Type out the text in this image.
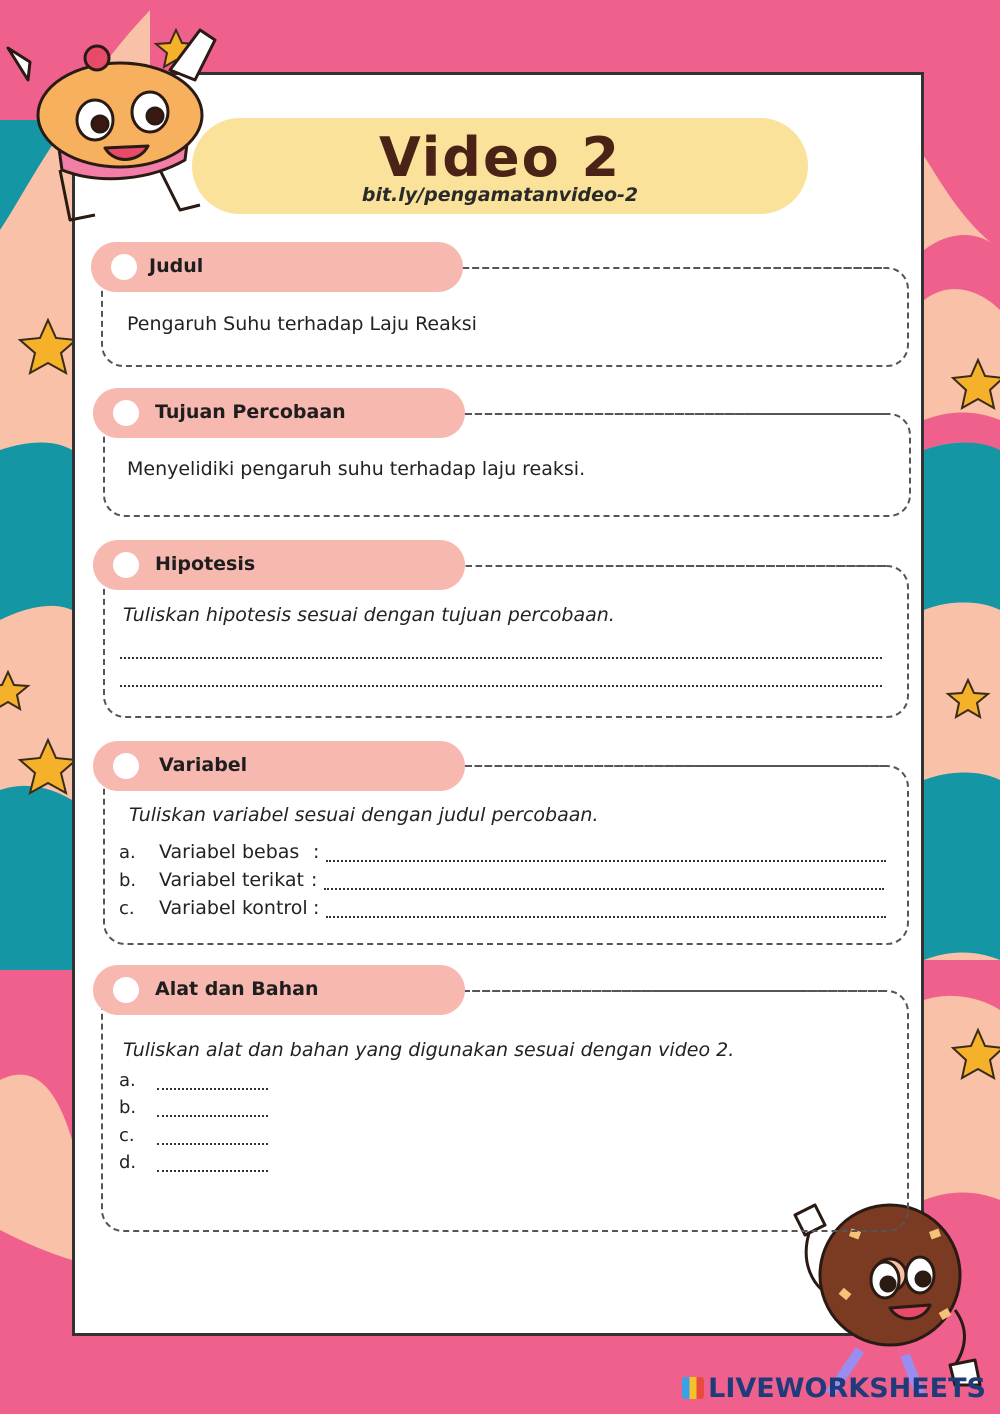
Video 2
bit.ly/pengamatanvideo-2
Judul
Pengaruh Suhu terhadap Laju Reaksi
Tujuan Percobaan
Menyelidiki pengaruh suhu terhadap laju reaksi.
Hipotesis
Tuliskan hipotesis sesuai dengan tujuan percobaan.
Variabel
Tuliskan variabel sesuai dengan judul percobaan.
a. Variabel bebas :
b. Variabel terikat :
c. Variabel kontrol :
Alat dan Bahan
Tuliskan alat dan bahan yang digunakan sesuai dengan video 2.
a.
b.
c.
d.
LIVEWORKSHEETS
